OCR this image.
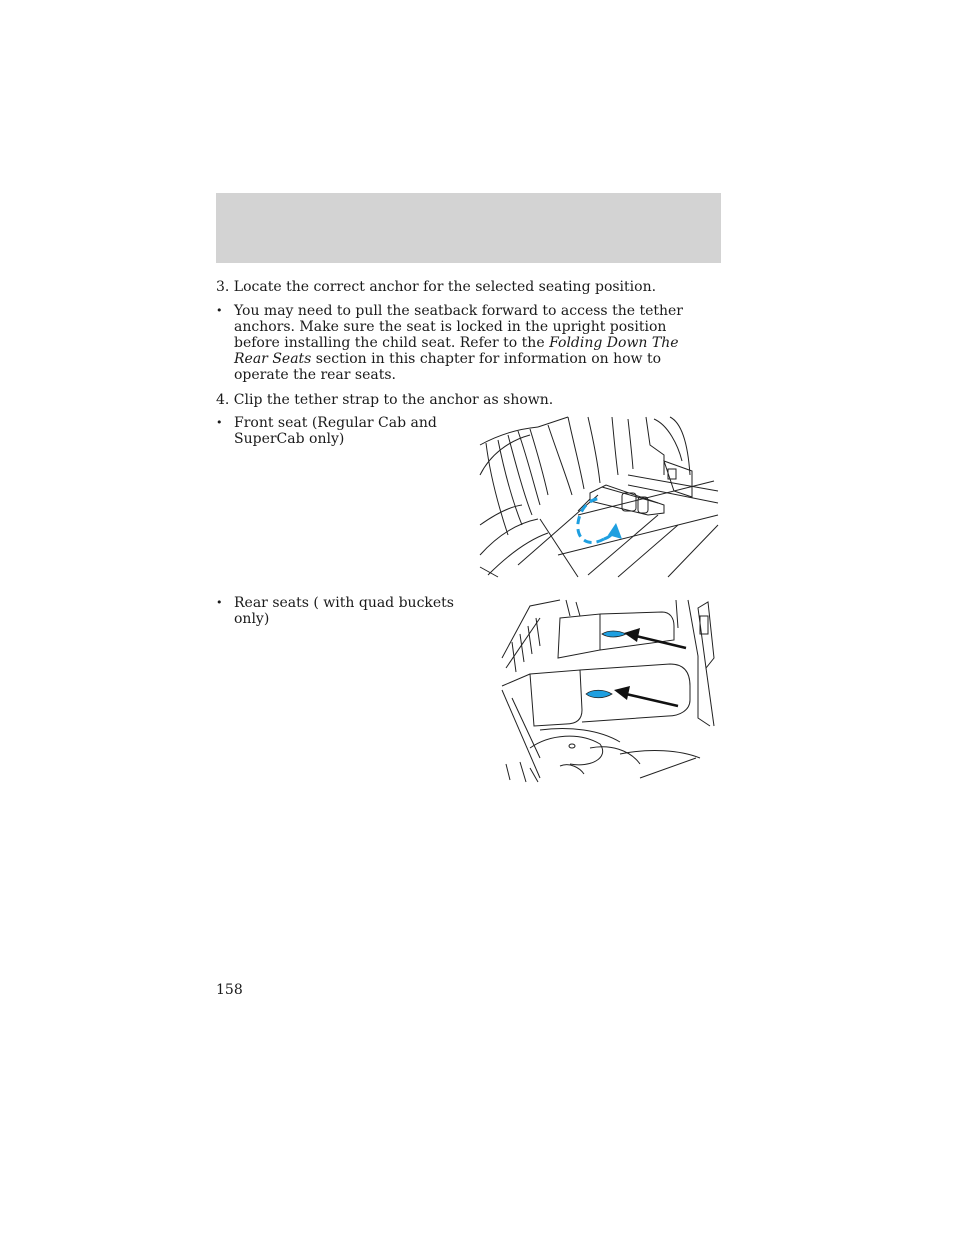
3. Locate the correct anchor for the selected seating position.

• You may need to pull the seatback forward to access the tether anchors. Make sure the seat is locked in the upright position before installing the child seat. Refer to the Folding Down The Rear Seats section in this chapter for information on how to operate the rear seats.

4. Clip the tether strap to the anchor as shown.

• Front seat (Regular Cab and SuperCab only)
• Rear seats ( with quad buckets only)
158
